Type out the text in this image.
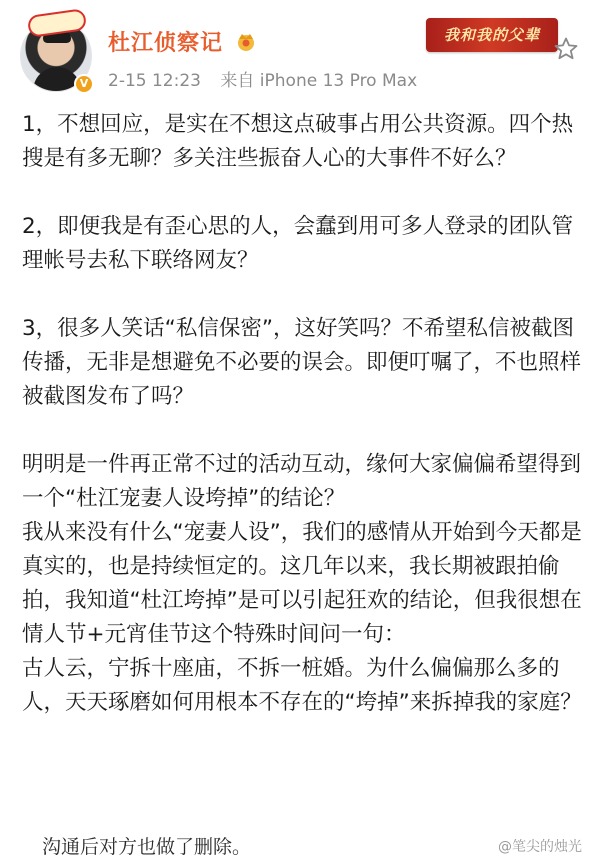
V
杜江侦察记
2-15 12:23 来自 iPhone 13 Pro Max
我和我的父辈

1，不想回应，是实在不想这点破事占用公共资源。四个热搜是有多无聊？多关注些振奋人心的大事件不好么？

2，即便我是有歪心思的人，会蠢到用可多人登录的团队管理帐号去私下联络网友？

3，很多人笑话“私信保密”，这好笑吗？不希望私信被截图传播，无非是想避免不必要的误会。即便叮嘱了，不也照样被截图发布了吗？

明明是一件再正常不过的活动互动，缘何大家偏偏希望得到一个“杜江宠妻人设垮掉”的结论？

我从来没有什么“宠妻人设”，我们的感情从开始到今天都是真实的，也是持续恒定的。这几年以来，我长期被跟拍偷拍，我知道“杜江垮掉”是可以引起狂欢的结论，但我很想在情人节+元宵佳节这个特殊时间问一句：

古人云，宁拆十座庙，不拆一桩婚。为什么偏偏那么多的人，天天琢磨如何用根本不存在的“垮掉”来拆掉我的家庭？

沟通后对方也做了删除。	@笔尖的烛光
